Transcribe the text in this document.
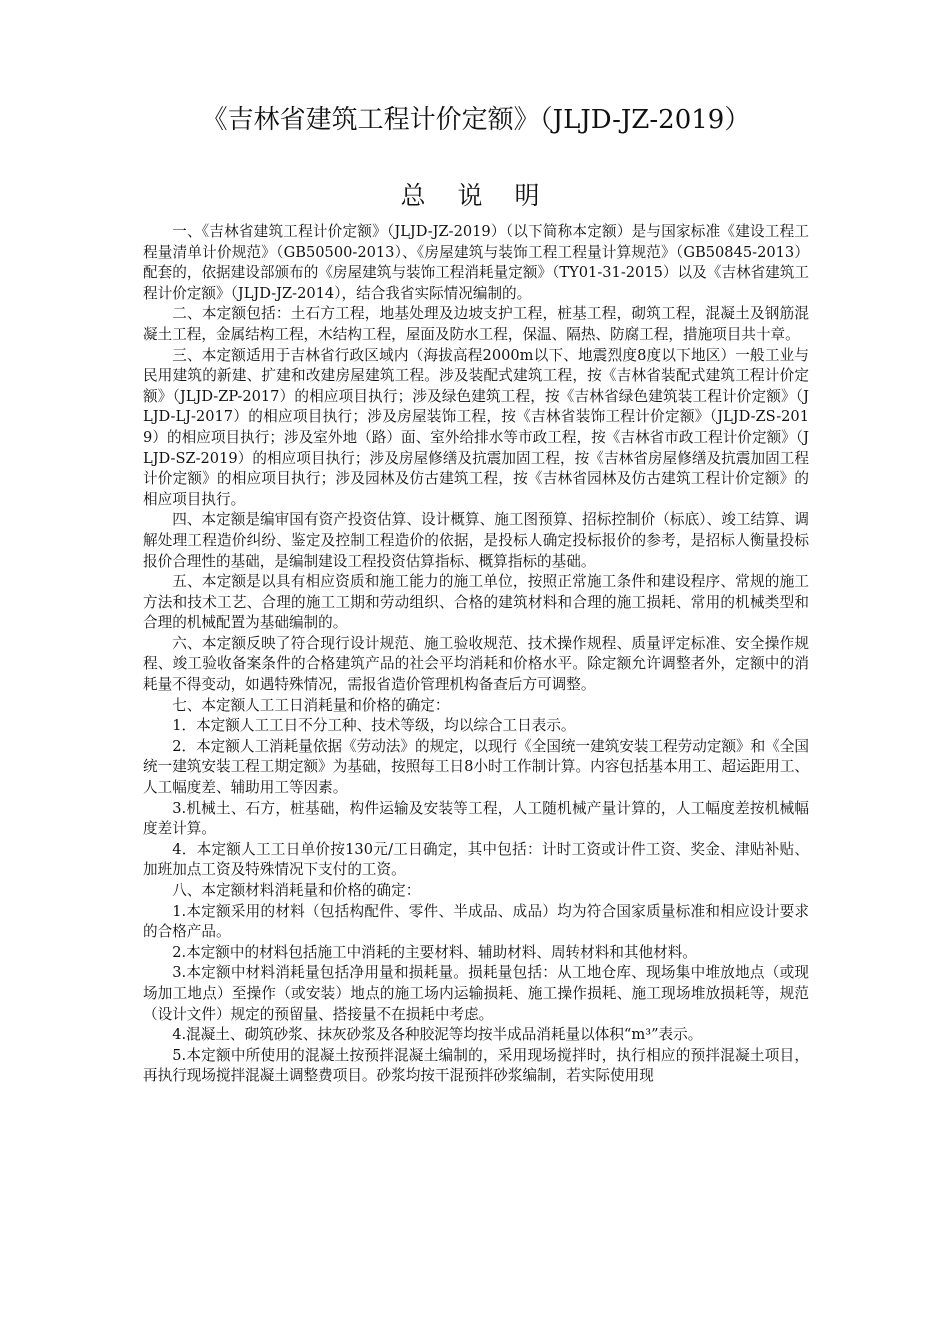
《吉林省建筑工程计价定额》（JLJD-JZ-2019）
总 说 明

一、《吉林省建筑工程计价定额》（JLJD-JZ-2019）（以下简称本定额）是与国家标准《建设工程工程量清单计价规范》（GB50500-2013）、《房屋建筑与装饰工程工程量计算规范》（GB50845-2013）配套的，依据建设部颁布的《房屋建筑与装饰工程消耗量定额》（TY01-31-2015）以及《吉林省建筑工程计价定额》（JLJD-JZ-2014），结合我省实际情况编制的。

二、本定额包括：土石方工程，地基处理及边坡支护工程，桩基工程，砌筑工程，混凝土及钢筋混凝土工程，金属结构工程，木结构工程，屋面及防水工程，保温、隔热、防腐工程，措施项目共十章。

三、本定额适用于吉林省行政区域内（海拔高程2000m以下、地震烈度8度以下地区）一般工业与民用建筑的新建、扩建和改建房屋建筑工程。涉及装配式建筑工程，按《吉林省装配式建筑工程计价定额》（JLJD-ZP-2017）的相应项目执行；涉及绿色建筑工程，按《吉林省绿色建筑装工程计价定额》（JLJD-LJ-2017）的相应项目执行；涉及房屋装饰工程，按《吉林省装饰工程计价定额》（JLJD-ZS-2019）的相应项目执行；涉及室外地（路）面、室外给排水等市政工程，按《吉林省市政工程计价定额》（JLJD-SZ-2019）的相应项目执行；涉及房屋修缮及抗震加固工程，按《吉林省房屋修缮及抗震加固工程计价定额》的相应项目执行；涉及园林及仿古建筑工程，按《吉林省园林及仿古建筑工程计价定额》的相应项目执行。

四、本定额是编审国有资产投资估算、设计概算、施工图预算、招标控制价（标底）、竣工结算、调解处理工程造价纠纷、鉴定及控制工程造价的依据，是投标人确定投标报价的参考，是招标人衡量投标报价合理性的基础，是编制建设工程投资估算指标、概算指标的基础。

五、本定额是以具有相应资质和施工能力的施工单位，按照正常施工条件和建设程序、常规的施工方法和技术工艺、合理的施工工期和劳动组织、合格的建筑材料和合理的施工损耗、常用的机械类型和合理的机械配置为基础编制的。

六、本定额反映了符合现行设计规范、施工验收规范、技术操作规程、质量评定标准、安全操作规程、竣工验收备案条件的合格建筑产品的社会平均消耗和价格水平。除定额允许调整者外，定额中的消耗量不得变动，如遇特殊情况，需报省造价管理机构备查后方可调整。

七、本定额人工工日消耗量和价格的确定：

1．本定额人工工日不分工种、技术等级，均以综合工日表示。

2．本定额人工消耗量依据《劳动法》的规定，以现行《全国统一建筑安装工程劳动定额》和《全国统一建筑安装工程工期定额》为基础，按照每工日8小时工作制计算。内容包括基本用工、超运距用工、人工幅度差、辅助用工等因素。

3.机械土、石方，桩基础，构件运输及安装等工程，人工随机械产量计算的，人工幅度差按机械幅度差计算。

4．本定额人工工日单价按130元/工日确定，其中包括：计时工资或计件工资、奖金、津贴补贴、加班加点工资及特殊情况下支付的工资。

八、本定额材料消耗量和价格的确定：

1.本定额采用的材料（包括构配件、零件、半成品、成品）均为符合国家质量标准和相应设计要求的合格产品。

2.本定额中的材料包括施工中消耗的主要材料、辅助材料、周转材料和其他材料。

3.本定额中材料消耗量包括净用量和损耗量。损耗量包括：从工地仓库、现场集中堆放地点（或现场加工地点）至操作（或安装）地点的施工场内运输损耗、施工操作损耗、施工现场堆放损耗等，规范（设计文件）规定的预留量、搭接量不在损耗中考虑。

4.混凝土、砌筑砂浆、抹灰砂浆及各种胶泥等均按半成品消耗量以体积“m³”表示。

5.本定额中所使用的混凝土按预拌混凝土编制的，采用现场搅拌时，执行相应的预拌混凝土项目，再执行现场搅拌混凝土调整费项目。砂浆均按干混预拌砂浆编制，若实际使用现
